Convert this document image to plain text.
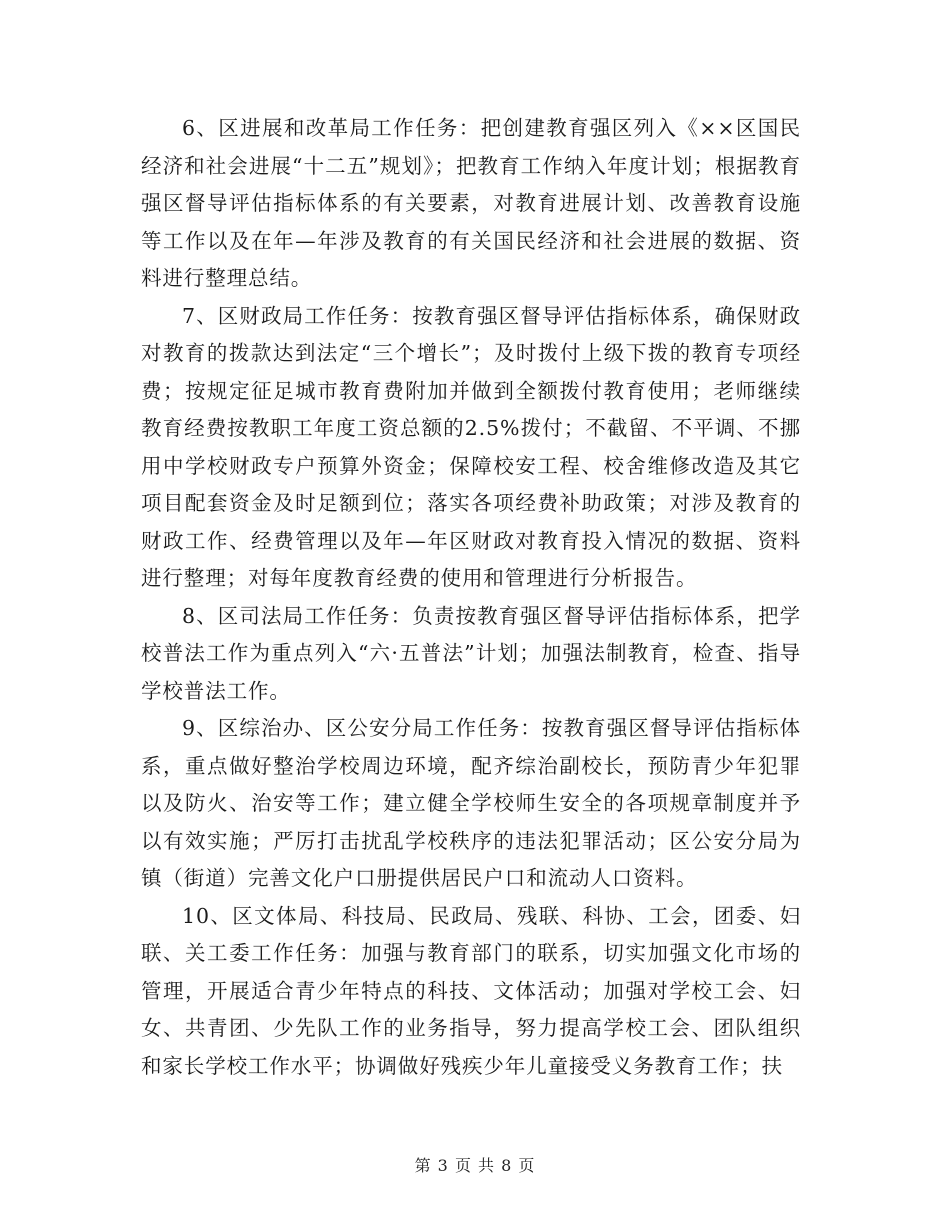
6、区进展和改革局工作任务：把创建教育强区列入《××区国民经济和社会进展“十二五”规划》；把教育工作纳入年度计划；根据教育强区督导评估指标体系的有关要素，对教育进展计划、改善教育设施等工作以及在年—年涉及教育的有关国民经济和社会进展的数据、资料进行整理总结。

7、区财政局工作任务：按教育强区督导评估指标体系，确保财政对教育的拨款达到法定“三个增长”；及时拨付上级下拨的教育专项经费；按规定征足城市教育费附加并做到全额拨付教育使用；老师继续教育经费按教职工年度工资总额的2.5%拨付；不截留、不平调、不挪用中学校财政专户预算外资金；保障校安工程、校舍维修改造及其它项目配套资金及时足额到位；落实各项经费补助政策；对涉及教育的财政工作、经费管理以及年—年区财政对教育投入情况的数据、资料进行整理；对每年度教育经费的使用和管理进行分析报告。

8、区司法局工作任务：负责按教育强区督导评估指标体系，把学校普法工作为重点列入“六·五普法”计划；加强法制教育，检查、指导学校普法工作。

9、区综治办、区公安分局工作任务：按教育强区督导评估指标体系，重点做好整治学校周边环境，配齐综治副校长，预防青少年犯罪以及防火、治安等工作；建立健全学校师生安全的各项规章制度并予以有效实施；严厉打击扰乱学校秩序的违法犯罪活动；区公安分局为镇（街道）完善文化户口册提供居民户口和流动人口资料。

10、区文体局、科技局、民政局、残联、科协、工会，团委、妇联、关工委工作任务：加强与教育部门的联系，切实加强文化市场的管理，开展适合青少年特点的科技、文体活动；加强对学校工会、妇女、共青团、少先队工作的业务指导，努力提高学校工会、团队组织和家长学校工作水平；协调做好残疾少年儿童接受义务教育工作；扶

第 3 页 共 8 页
